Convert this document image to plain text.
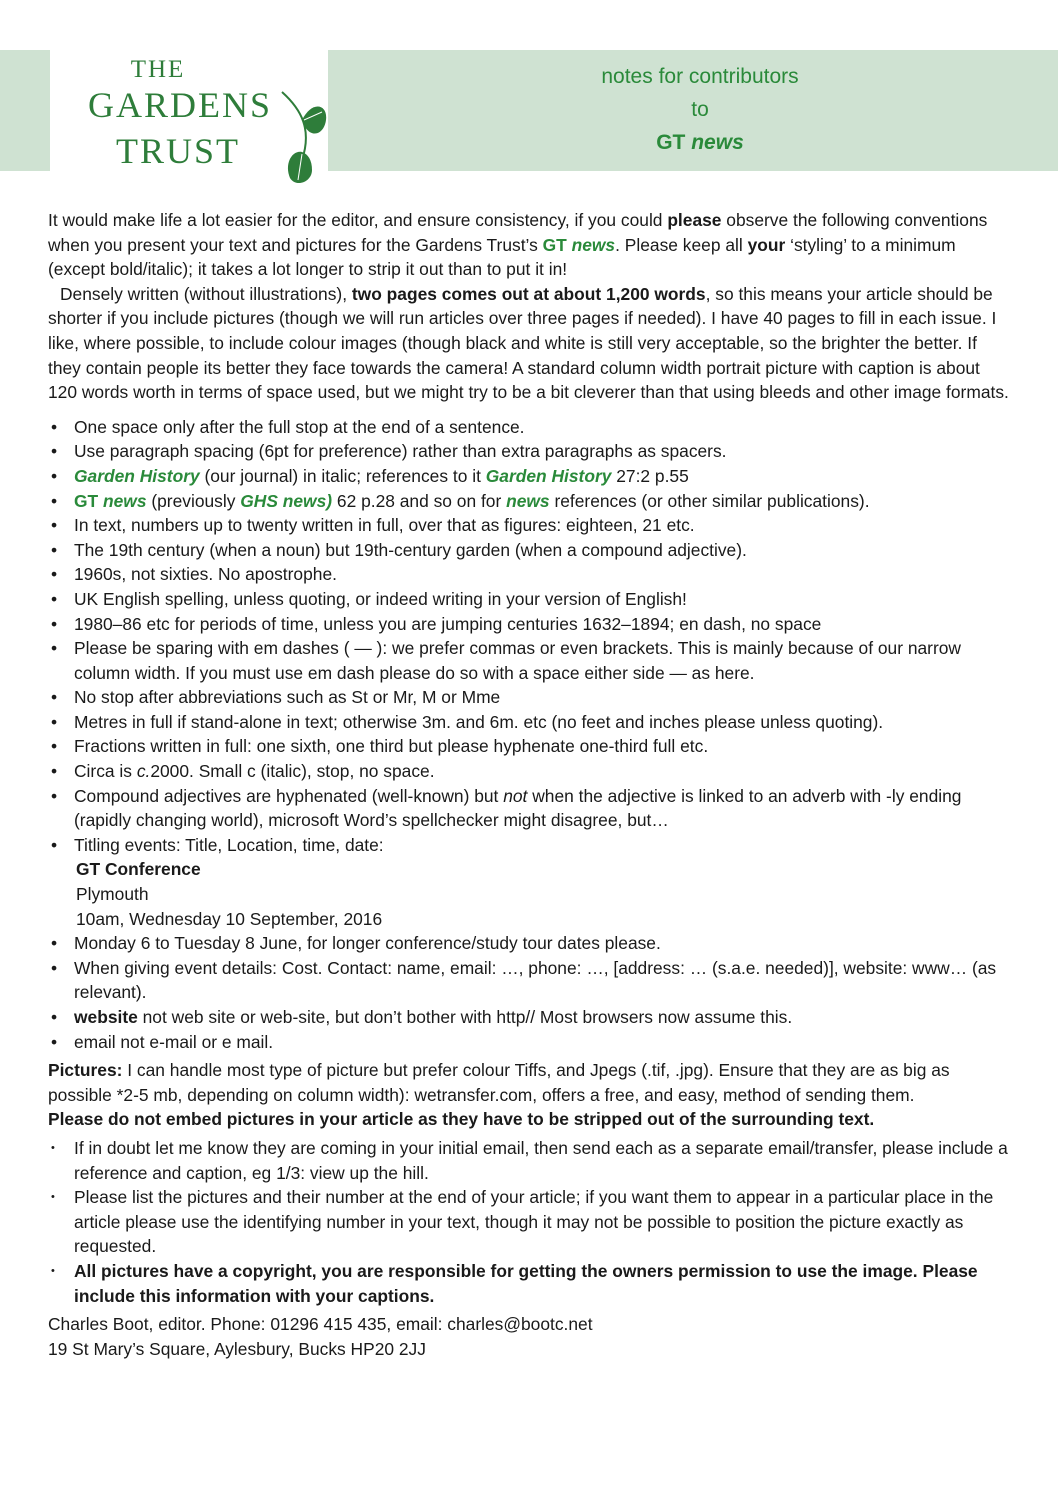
THE
GARDENS
TRUST
notes for contributors
to
GT news

It would make life a lot easier for the editor, and ensure consistency, if you could please observe the following conventions when you present your text and pictures for the Gardens Trust’s GT news. Please keep all your ‘styling’ to a minimum (except bold/italic); it takes a lot longer to strip it out than to put it in!

Densely written (without illustrations), two pages comes out at about 1,200 words, so this means your article should be shorter if you include pictures (though we will run articles over three pages if needed). I have 40 pages to fill in each issue. I like, where possible, to include colour images (though black and white is still very acceptable, so the brighter the better. If they contain people its better they face towards the camera! A standard column width portrait picture with caption is about 120 words worth in terms of space used, but we might try to be a bit cleverer than that using bleeds and other image formats.

• One space only after the full stop at the end of a sentence.
• Use paragraph spacing (6pt for preference) rather than extra paragraphs as spacers.
• Garden History (our journal) in italic; references to it Garden History 27:2 p.55
• GT news (previously GHS news) 62 p.28 and so on for news references (or other similar publications).
• In text, numbers up to twenty written in full, over that as figures: eighteen, 21 etc.
• The 19th century (when a noun) but 19th-century garden (when a compound adjective).
• 1960s, not sixties. No apostrophe.
• UK English spelling, unless quoting, or indeed writing in your version of English!
• 1980–86 etc for periods of time, unless you are jumping centuries 1632–1894; en dash, no space
• Please be sparing with em dashes ( — ): we prefer commas or even brackets. This is mainly because of our narrow column width. If you must use em dash please do so with a space either side — as here.
• No stop after abbreviations such as St or Mr, M or Mme
• Metres in full if stand-alone in text; otherwise 3m. and 6m. etc (no feet and inches please unless quoting).
• Fractions written in full: one sixth, one third but please hyphenate one-third full etc.
• Circa is c.2000. Small c (italic), stop, no space.
• Compound adjectives are hyphenated (well-known) but not when the adjective is linked to an adverb with -ly ending (rapidly changing world), microsoft Word’s spellchecker might disagree, but…
• Titling events: Title, Location, time, date:
GT Conference
Plymouth
10am, Wednesday 10 September, 2016
• Monday 6 to Tuesday 8 June, for longer conference/study tour dates please.
• When giving event details: Cost. Contact: name, email: …, phone: …, [address: … (s.a.e. needed)], website: www… (as relevant).
• website not web site or web-site, but don’t bother with http// Most browsers now assume this.
• email not e-mail or e mail.

Pictures: I can handle most type of picture but prefer colour Tiffs, and Jpegs (.tif, .jpg). Ensure that they are as big as possible *2-5 mb, depending on column width): wetransfer.com, offers a free, and easy, method of sending them.

Please do not embed pictures in your article as they have to be stripped out of the surrounding text.

• If in doubt let me know they are coming in your initial email, then send each as a separate email/transfer, please include a reference and caption, eg 1/3: view up the hill.
• Please list the pictures and their number at the end of your article; if you want them to appear in a particular place in the article please use the identifying number in your text, though it may not be possible to position the picture exactly as requested.
• All pictures have a copyright, you are responsible for getting the owners permission to use the image. Please include this information with your captions.

Charles Boot, editor. Phone: 01296 415 435, email: charles@bootc.net

19 St Mary’s Square, Aylesbury, Bucks HP20 2JJ
